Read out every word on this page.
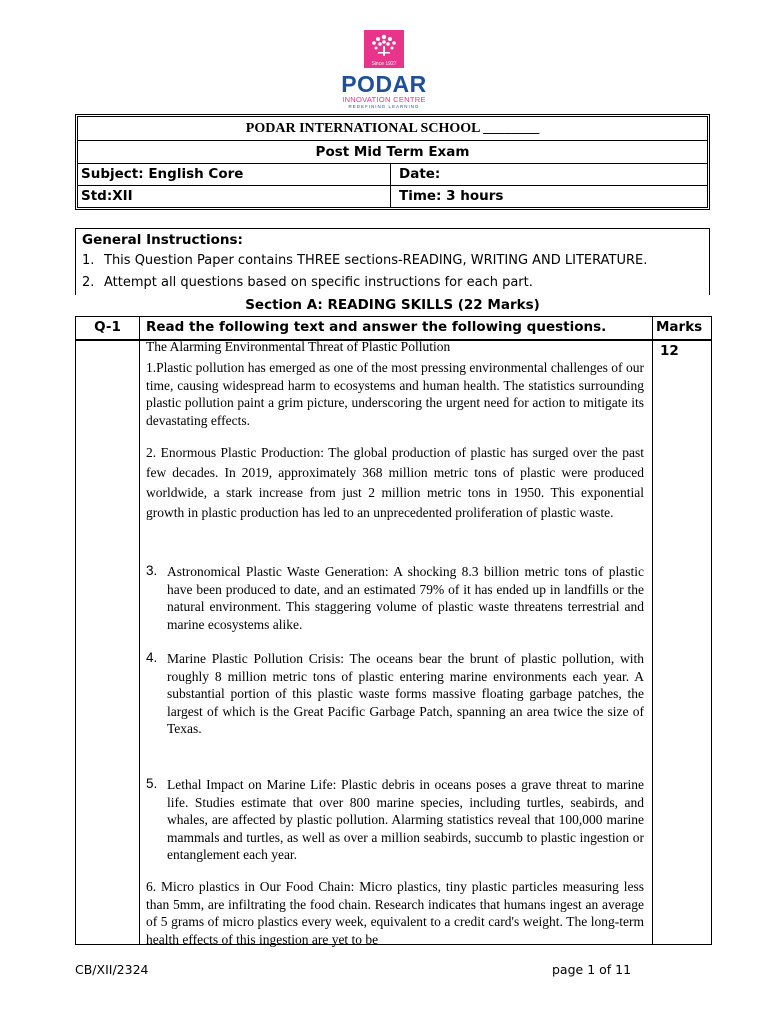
Since 1927
PODAR
INNOVATION CENTRE
REDEFINING LEARNING
PODAR INTERNATIONAL SCHOOL ________
Post Mid Term Exam
Subject: English Core	Date:
Std:XII	Time: 3 hours
General Instructions:
1. This Question Paper contains THREE sections-READING, WRITING AND LITERATURE.
2. Attempt all questions based on specific instructions for each part.
Section A: READING SKILLS (22 Marks)
Q-1	Read the following text and answer the following questions.	Marks
12
The Alarming Environmental Threat of Plastic Pollution
1.Plastic pollution has emerged as one of the most pressing environmental challenges of our time, causing widespread harm to ecosystems and human health. The statistics surrounding plastic pollution paint a grim picture, underscoring the urgent need for action to mitigate its devastating effects.
2. Enormous Plastic Production: The global production of plastic has surged over the past few decades. In 2019, approximately 368 million metric tons of plastic were produced worldwide, a stark increase from just 2 million metric tons in 1950. This exponential growth in plastic production has led to an unprecedented proliferation of plastic waste.
3. Astronomical Plastic Waste Generation: A shocking 8.3 billion metric tons of plastic have been produced to date, and an estimated 79% of it has ended up in landfills or the natural environment. This staggering volume of plastic waste threatens terrestrial and marine ecosystems alike.
4. Marine Plastic Pollution Crisis: The oceans bear the brunt of plastic pollution, with roughly 8 million metric tons of plastic entering marine environments each year. A substantial portion of this plastic waste forms massive floating garbage patches, the largest of which is the Great Pacific Garbage Patch, spanning an area twice the size of Texas.
5. Lethal Impact on Marine Life: Plastic debris in oceans poses a grave threat to marine life. Studies estimate that over 800 marine species, including turtles, seabirds, and whales, are affected by plastic pollution. Alarming statistics reveal that 100,000 marine mammals and turtles, as well as over a million seabirds, succumb to plastic ingestion or entanglement each year.
6. Micro plastics in Our Food Chain: Micro plastics, tiny plastic particles measuring less than 5mm, are infiltrating the food chain. Research indicates that humans ingest an average of 5 grams of micro plastics every week, equivalent to a credit card's weight. The long-term health effects of this ingestion are yet to be
CB/XII/2324	page 1 of 11
